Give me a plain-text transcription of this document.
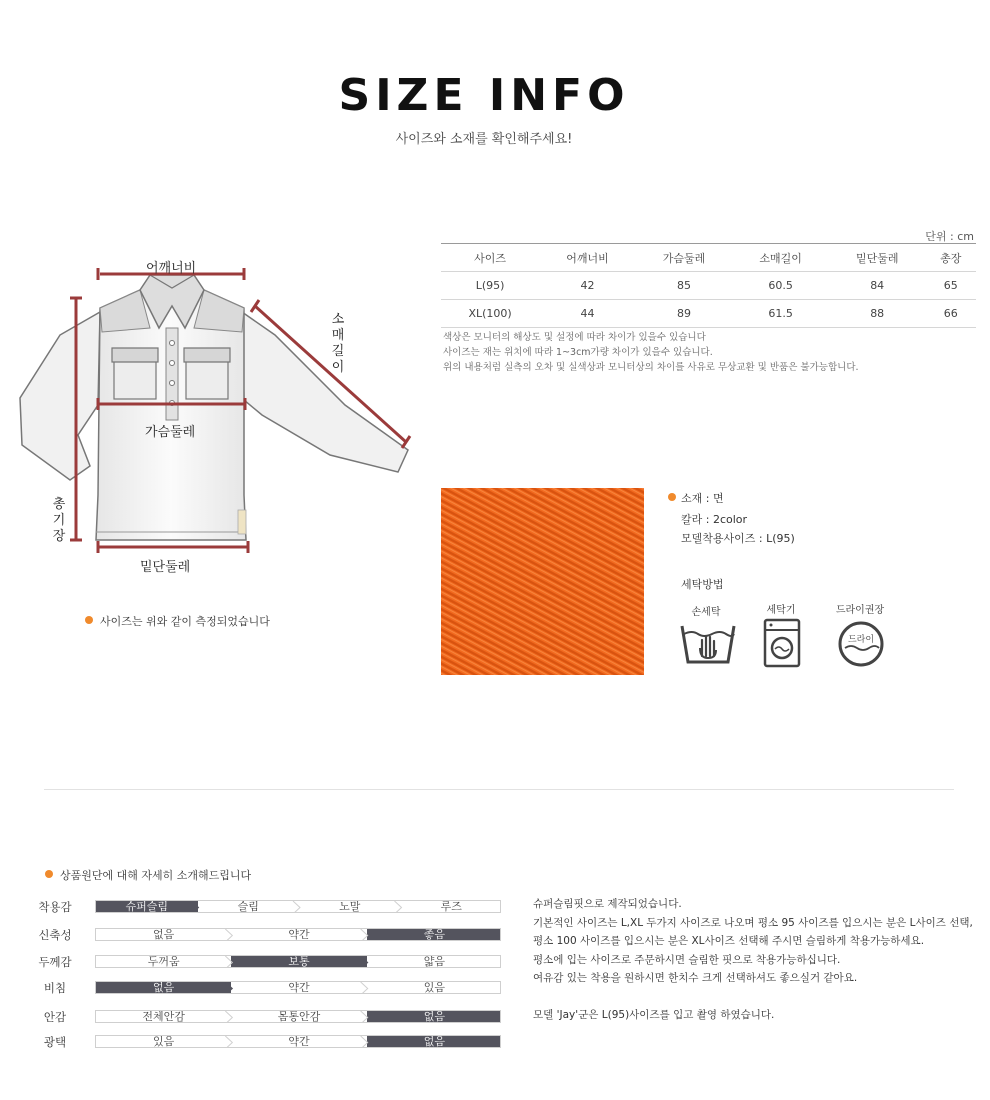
SIZE INFO
사이즈와 소재를 확인해주세요!
어깨너비
가슴둘레
밑단둘레
소매길이
총기장
사이즈는 위와 같이 측정되었습니다
단위 : cm
사이즈	어깨너비	가슴둘레	소매길이	밑단둘레	총장
L(95)	42	85	60.5	84	65
XL(100)	44	89	61.5	88	66
색상은 모니터의 해상도 및 설정에 따라 차이가 있을수 있습니다
사이즈는 재는 위치에 따라 1~3cm가량 차이가 있을수 있습니다.
위의 내용처럼 실측의 오차 및 실색상과 모니터상의 차이를 사유로 무상교환 및 반품은 불가능합니다.
소재 : 면
칼라 : 2color
모델착용사이즈 : L(95)
세탁방법
손세탁	세탁기	드라이권장
드라이
상품원단에 대해 자세히 소개해드립니다
착용감	슈퍼슬림	슬림	노말	루즈
신축성	없음	약간	좋음
두께감	두꺼움	보통	얇음
비침	없음	약간	있음
안감	전체안감	몸통안감	없음
광택	있음	약간	없음
슈퍼슬림핏으로 제작되었습니다.
기본적인 사이즈는 L,XL 두가지 사이즈로 나오며 평소 95 사이즈를 입으시는 분은 L사이즈 선택,
평소 100 사이즈를 입으시는 분은 XL사이즈 선택해 주시면 슬림하게 착용가능하세요.
평소에 입는 사이즈로 주문하시면 슬림한 핏으로 착용가능하십니다.
여유감 있는 착용을 원하시면 한치수 크게 선택하셔도 좋으실거 같아요.
모델 'Jay'군은 L(95)사이즈를 입고 촬영 하였습니다.
